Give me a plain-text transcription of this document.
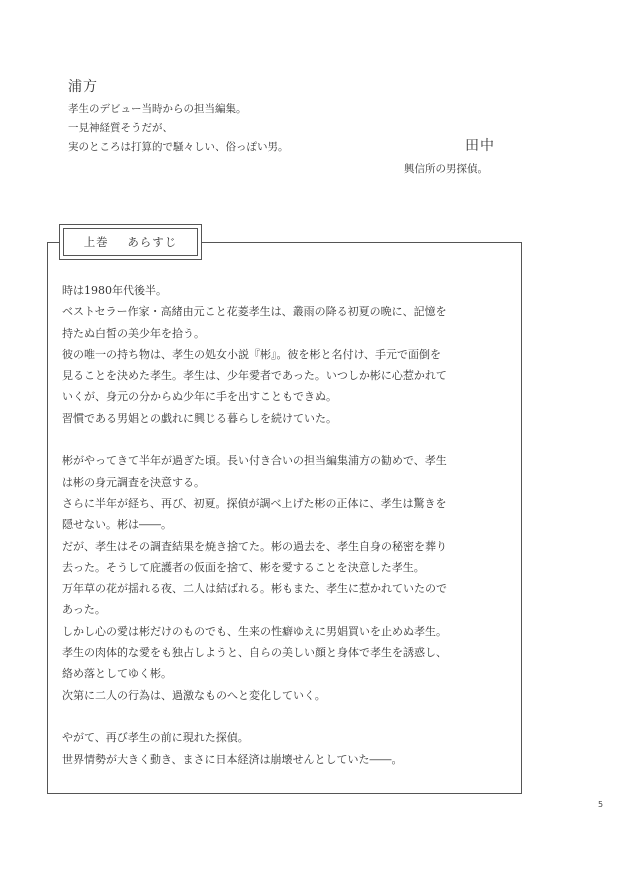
浦方
孝生のデビュー当時からの担当編集。
一見神経質そうだが、
実のところは打算的で騒々しい、俗っぽい男。	田中
興信所の男探偵。
上巻
あらすじ
時は1980年代後半。
ベストセラー作家・高緒由元こと花菱孝生は、叢雨の降る初夏の晩に、記憶を
持たぬ白皙の美少年を拾う。
彼の唯一の持ち物は、孝生の処女小説『彬』。彼を彬と名付け、手元で面倒を
見ることを決めた孝生。孝生は、少年愛者であった。いつしか彬に心惹かれて
いくが、身元の分からぬ少年に手を出すこともできぬ。
習慣である男娼との戯れに興じる暮らしを続けていた。
彬がやってきて半年が過ぎた頃。長い付き合いの担当編集浦方の勧めで、孝生
は彬の身元調査を決意する。
さらに半年が経ち、再び、初夏。探偵が調べ上げた彬の正体に、孝生は驚きを
隠せない。彬は――。
だが、孝生はその調査結果を焼き捨てた。彬の過去を、孝生自身の秘密を葬り
去った。そうして庇護者の仮面を捨て、彬を愛することを決意した孝生。
万年草の花が揺れる夜、二人は結ばれる。彬もまた、孝生に惹かれていたので
あった。
しかし心の愛は彬だけのものでも、生来の性癖ゆえに男娼買いを止めぬ孝生。
孝生の肉体的な愛をも独占しようと、自らの美しい顔と身体で孝生を誘惑し、
絡め落としてゆく彬。
次第に二人の行為は、過激なものへと変化していく。
やがて、再び孝生の前に現れた探偵。
世界情勢が大きく動き、まさに日本経済は崩壊せんとしていた――。
5
